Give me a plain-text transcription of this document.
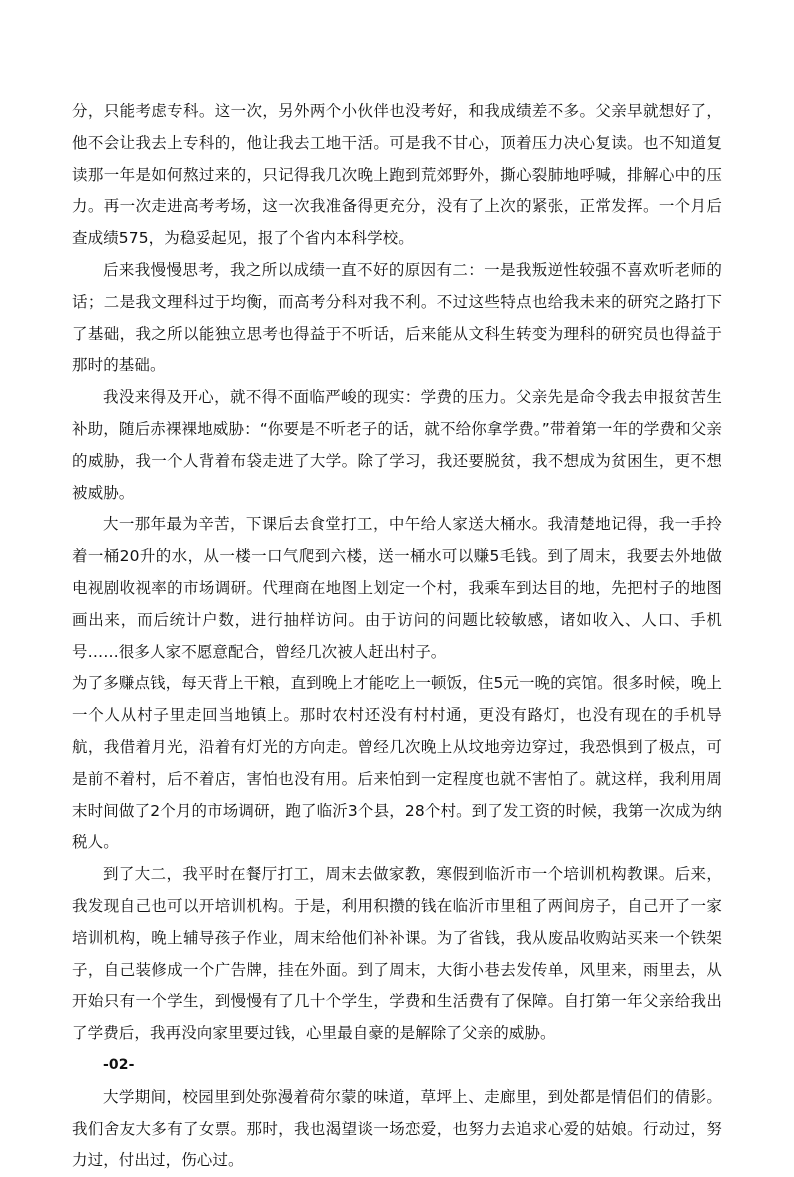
分，只能考虑专科。这一次，另外两个小伙伴也没考好，和我成绩差不多。父亲早就想好了，他不会让我去上专科的，他让我去工地干活。可是我不甘心，顶着压力决心复读。也不知道复读那一年是如何熬过来的，只记得我几次晚上跑到荒郊野外，撕心裂肺地呼喊，排解心中的压力。再一次走进高考考场，这一次我准备得更充分，没有了上次的紧张，正常发挥。一个月后查成绩575，为稳妥起见，报了个省内本科学校。

后来我慢慢思考，我之所以成绩一直不好的原因有二：一是我叛逆性较强不喜欢听老师的话；二是我文理科过于均衡，而高考分科对我不利。不过这些特点也给我未来的研究之路打下了基础，我之所以能独立思考也得益于不听话，后来能从文科生转变为理科的研究员也得益于那时的基础。

我没来得及开心，就不得不面临严峻的现实：学费的压力。父亲先是命令我去申报贫苦生补助，随后赤裸裸地威胁：“你要是不听老子的话，就不给你拿学费。”带着第一年的学费和父亲的威胁，我一个人背着布袋走进了大学。除了学习，我还要脱贫，我不想成为贫困生，更不想被威胁。

大一那年最为辛苦，下课后去食堂打工，中午给人家送大桶水。我清楚地记得，我一手拎着一桶20升的水，从一楼一口气爬到六楼，送一桶水可以赚5毛钱。到了周末，我要去外地做电视剧收视率的市场调研。代理商在地图上划定一个村，我乘车到达目的地，先把村子的地图画出来，而后统计户数，进行抽样访问。由于访问的问题比较敏感，诸如收入、人口、手机号……很多人家不愿意配合，曾经几次被人赶出村子。

为了多赚点钱，每天背上干粮，直到晚上才能吃上一顿饭，住5元一晚的宾馆。很多时候，晚上一个人从村子里走回当地镇上。那时农村还没有村村通，更没有路灯，也没有现在的手机导航，我借着月光，沿着有灯光的方向走。曾经几次晚上从坟地旁边穿过，我恐惧到了极点，可是前不着村，后不着店，害怕也没有用。后来怕到一定程度也就不害怕了。就这样，我利用周末时间做了2个月的市场调研，跑了临沂3个县，28个村。到了发工资的时候，我第一次成为纳税人。

到了大二，我平时在餐厅打工，周末去做家教，寒假到临沂市一个培训机构教课。后来，我发现自己也可以开培训机构。于是，利用积攒的钱在临沂市里租了两间房子，自己开了一家培训机构，晚上辅导孩子作业，周末给他们补补课。为了省钱，我从废品收购站买来一个铁架子，自己装修成一个广告牌，挂在外面。到了周末，大街小巷去发传单，风里来，雨里去，从开始只有一个学生，到慢慢有了几十个学生，学费和生活费有了保障。自打第一年父亲给我出了学费后，我再没向家里要过钱，心里最自豪的是解除了父亲的威胁。

-02-

大学期间，校园里到处弥漫着荷尔蒙的味道，草坪上、走廊里，到处都是情侣们的倩影。我们舍友大多有了女票。那时，我也渴望谈一场恋爱，也努力去追求心爱的姑娘。行动过，努力过，付出过，伤心过。
